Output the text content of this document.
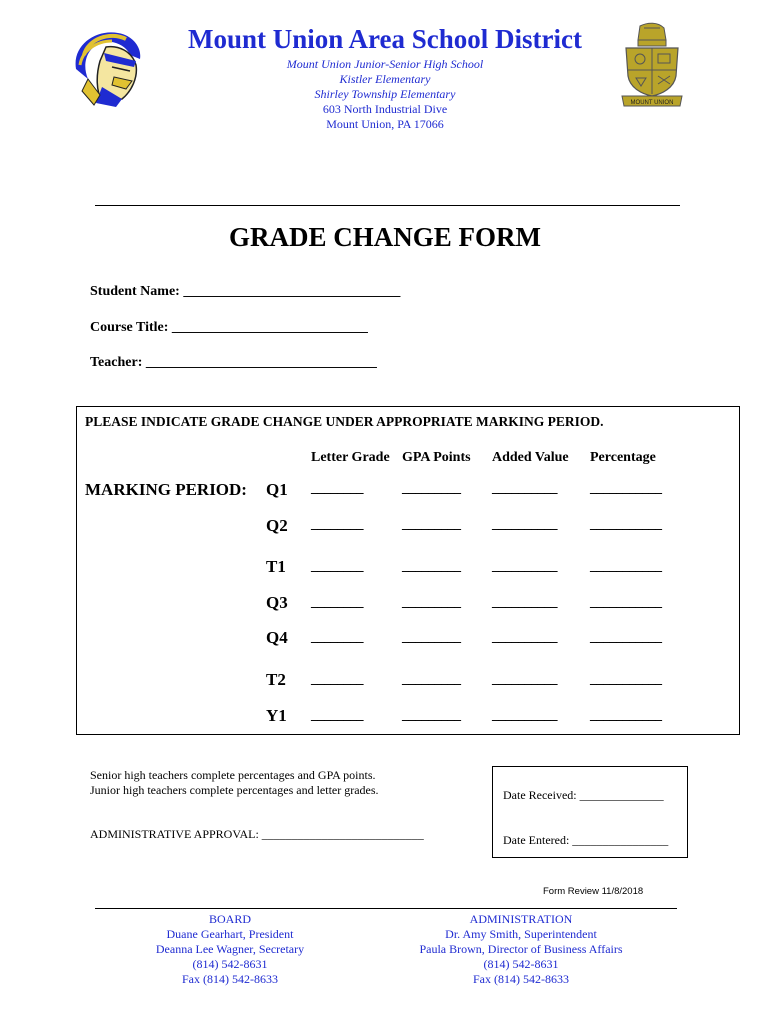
Mount Union Area School District
Mount Union Junior-Senior High School
Kistler Elementary
Shirley Township Elementary
603 North Industrial Dive
Mount Union, PA 17066
MOUNT UNION
GRADE CHANGE FORM
Student Name: _______________________________
Course Title: ____________________________
Teacher: _________________________________
PLEASE INDICATE GRADE CHANGE UNDER APPROPRIATE MARKING PERIOD.
Letter Grade GPA Points Added Value Percentage
MARKING PERIOD: Q1 ________	_________ __________ ___________
Q2 ________	_________ __________ ___________
T1 ________	_________ __________ ___________
Q3 ________	_________ __________ ___________
Q4 ________	_________ __________ ___________
T2 ________	_________ __________ ___________
Y1 ________	_________ __________ ___________
Senior high teachers complete percentages and GPA points.
Junior high teachers complete percentages and letter grades.
ADMINISTRATIVE APPROVAL: ___________________________
Date Received: ______________
Date Entered: ________________
Form Review 11/8/2018
BOARD
Duane Gearhart, President
Deanna Lee Wagner, Secretary
(814) 542-8631
Fax (814) 542-8633
ADMINISTRATION
Dr. Amy Smith, Superintendent
Paula Brown, Director of Business Affairs
(814) 542-8631
Fax (814) 542-8633
